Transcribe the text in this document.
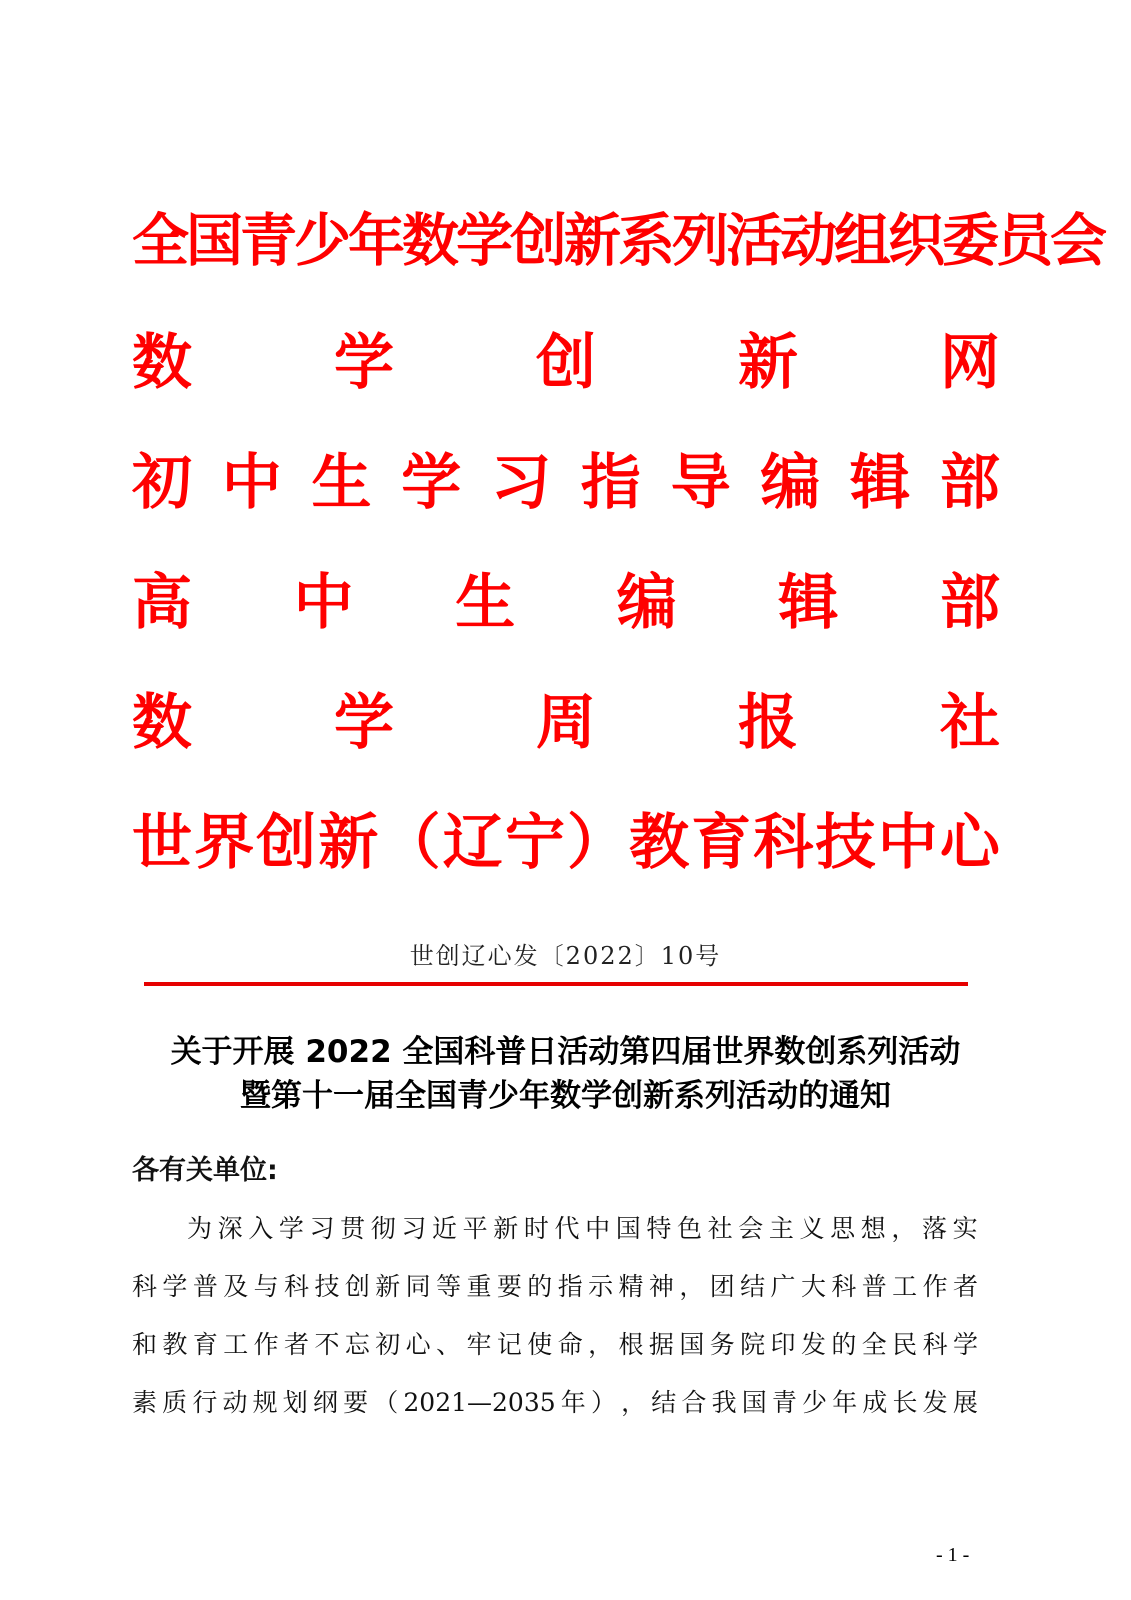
全国青少年数学创新系列活动组织委员会
数 学 创 新 网
初 中 生 学 习 指 导 编 辑 部
高 中 生 编 辑 部
数 学 周 报 社
世 界 创 新 （ 辽 宁 ） 教 育 科 技 中 心
世创辽心发〔2022〕10号
关于开展 2022 全国科普日活动第四届世界数创系列活动
暨第十一届全国青少年数学创新系列活动的通知
各有关单位:
为 深 入 学 习 贯 彻 习 近 平 新 时 代 中 国 特 色 社 会 主 义 思 想 ， 落 实
科 学 普 及 与 科 技 创 新 同 等 重 要 的 指 示 精 神 ， 团 结 广 大 科 普 工 作 者
和 教 育 工 作 者 不 忘 初 心 、 牢 记 使 命 ， 根 据 国 务 院 印 发 的 全 民 科 学
素 质 行 动 规 划 纲 要 （ 2021—2035 年 ） ， 结 合 我 国 青 少 年 成 长 发 展
- 1 -
